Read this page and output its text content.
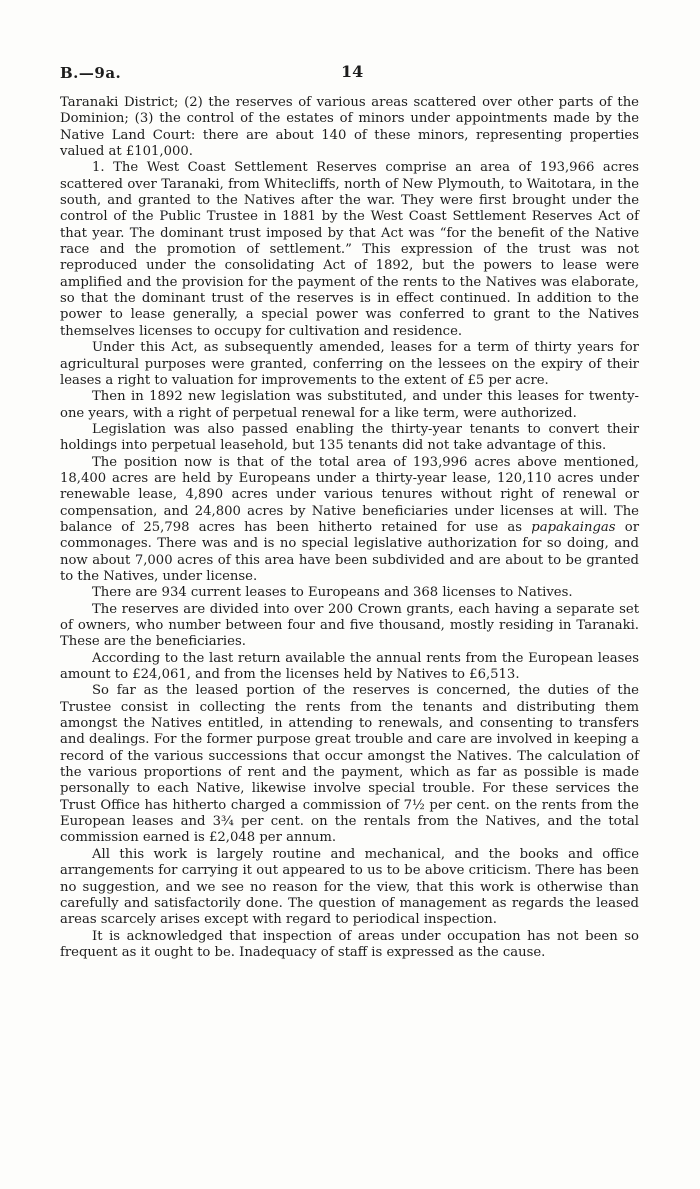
B.—9a.	14

Taranaki District; (2) the reserves of various areas scattered over other parts of the Dominion; (3) the control of the estates of minors under appointments made by the Native Land Court: there are about 140 of these minors, representing properties valued at £101,000.

1. The West Coast Settlement Reserves comprise an area of 193,966 acres scattered over Taranaki, from Whitecliffs, north of New Plymouth, to Waitotara, in the south, and granted to the Natives after the war. They were first brought under the control of the Public Trustee in 1881 by the West Coast Settlement Reserves Act of that year. The dominant trust imposed by that Act was “for the benefit of the Native race and the promotion of settlement.” This expression of the trust was not reproduced under the consolidating Act of 1892, but the powers to lease were amplified and the provision for the payment of the rents to the Natives was elaborate, so that the dominant trust of the reserves is in effect continued. In addition to the power to lease generally, a special power was conferred to grant to the Natives themselves licenses to occupy for cultivation and residence.

Under this Act, as subsequently amended, leases for a term of thirty years for agricultural purposes were granted, conferring on the lessees on the expiry of their leases a right to valuation for improvements to the extent of £5 per acre.

Then in 1892 new legislation was substituted, and under this leases for twenty-one years, with a right of perpetual renewal for a like term, were authorized.

Legislation was also passed enabling the thirty-year tenants to convert their holdings into perpetual leasehold, but 135 tenants did not take advantage of this.

The position now is that of the total area of 193,996 acres above mentioned, 18,400 acres are held by Europeans under a thirty-year lease, 120,110 acres under renewable lease, 4,890 acres under various tenures without right of renewal or compensation, and 24,800 acres by Native beneficiaries under licenses at will. The balance of 25,798 acres has been hitherto retained for use as papakaingas or commonages. There was and is no special legislative authorization for so doing, and now about 7,000 acres of this area have been subdivided and are about to be granted to the Natives, under license.

There are 934 current leases to Europeans and 368 licenses to Natives.

The reserves are divided into over 200 Crown grants, each having a separate set of owners, who number between four and five thousand, mostly residing in Taranaki. These are the beneficiaries.

According to the last return available the annual rents from the European leases amount to £24,061, and from the licenses held by Natives to £6,513.

So far as the leased portion of the reserves is concerned, the duties of the Trustee consist in collecting the rents from the tenants and distributing them amongst the Natives entitled, in attending to renewals, and consenting to transfers and dealings. For the former purpose great trouble and care are involved in keeping a record of the various successions that occur amongst the Natives. The calculation of the various proportions of rent and the payment, which as far as possible is made personally to each Native, likewise involve special trouble. For these services the Trust Office has hitherto charged a commission of 7½ per cent. on the rents from the European leases and 3¾ per cent. on the rentals from the Natives, and the total commission earned is £2,048 per annum.

All this work is largely routine and mechanical, and the books and office arrangements for carrying it out appeared to us to be above criticism. There has been no suggestion, and we see no reason for the view, that this work is otherwise than carefully and satisfactorily done. The question of management as regards the leased areas scarcely arises except with regard to periodical inspection.

It is acknowledged that inspection of areas under occupation has not been so frequent as it ought to be. Inadequacy of staff is expressed as the cause.
